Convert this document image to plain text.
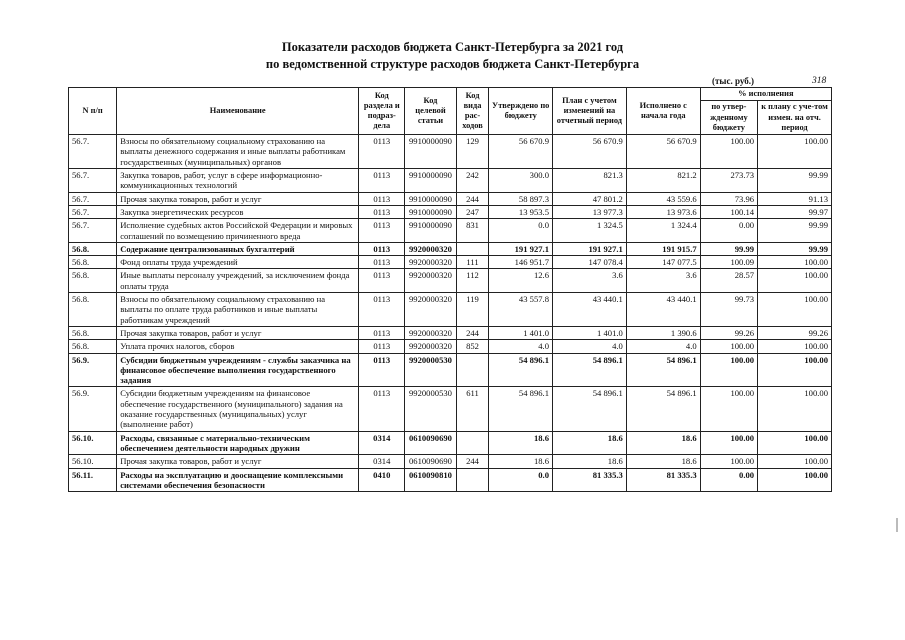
Показатели расходов бюджета Санкт-Петербурга за 2021 год
по ведомственной структуре расходов бюджета Санкт-Петербурга
(тыс. руб.)	318
N п/п	Наименование	Код раздела и подраз-дела	Код целевой статьи	Код вида рас-ходов	Утверждено по бюджету	План с учетом изменений на отчетный период	Исполнено с начала года	% исполнения	
								по утвер-жденному бюджету	к плану с уче-том измен. на отч. период
56.7.	Взносы по обязательному социальному страхованию на выплаты денежного содержания и иные выплаты работникам государственных (муниципальных) органов	0113	9910000090	129	56 670.9	56 670.9	56 670.9	100.00	100.00
56.7.	Закупка товаров, работ, услуг в сфере информационно-коммуникационных технологий	0113	9910000090	242	300.0	821.3	821.2	273.73	99.99
56.7.	Прочая закупка товаров, работ и услуг	0113	9910000090	244	58 897.3	47 801.2	43 559.6	73.96	91.13
56.7.	Закупка энергетических ресурсов	0113	9910000090	247	13 953.5	13 977.3	13 973.6	100.14	99.97
56.7.	Исполнение судебных актов Российской Федерации и мировых соглашений по возмещению причиненного вреда	0113	9910000090	831	0.0	1 324.5	1 324.4	0.00	99.99
56.8.	Содержание централизованных бухгалтерий	0113	9920000320		191 927.1	191 927.1	191 915.7	99.99	99.99
56.8.	Фонд оплаты труда учреждений	0113	9920000320	111	146 951.7	147 078.4	147 077.5	100.09	100.00
56.8.	Иные выплаты персоналу учреждений, за исключением фонда оплаты труда	0113	9920000320	112	12.6	3.6	3.6	28.57	100.00
56.8.	Взносы по обязательному социальному страхованию на выплаты по оплате труда работников и иные выплаты работникам учреждений	0113	9920000320	119	43 557.8	43 440.1	43 440.1	99.73	100.00
56.8.	Прочая закупка товаров, работ и услуг	0113	9920000320	244	1 401.0	1 401.0	1 390.6	99.26	99.26
56.8.	Уплата прочих налогов, сборов	0113	9920000320	852	4.0	4.0	4.0	100.00	100.00
56.9.	Субсидии бюджетным учреждениям - службы заказчика на финансовое обеспечение выполнения государственного задания	0113	9920000530		54 896.1	54 896.1	54 896.1	100.00	100.00
56.9.	Субсидии бюджетным учреждениям на финансовое обеспечение государственного (муниципального) задания на оказание государственных (муниципальных) услуг (выполнение работ)	0113	9920000530	611	54 896.1	54 896.1	54 896.1	100.00	100.00
56.10.	Расходы, связанные с материально-техническим обеспечением деятельности народных дружин	0314	0610090690		18.6	18.6	18.6	100.00	100.00
56.10.	Прочая закупка товаров, работ и услуг	0314	0610090690	244	18.6	18.6	18.6	100.00	100.00
56.11.	Расходы на эксплуатацию и дооснащение комплексными системами обеспечения безопасности	0410	0610090810		0.0	81 335.3	81 335.3	0.00	100.00
